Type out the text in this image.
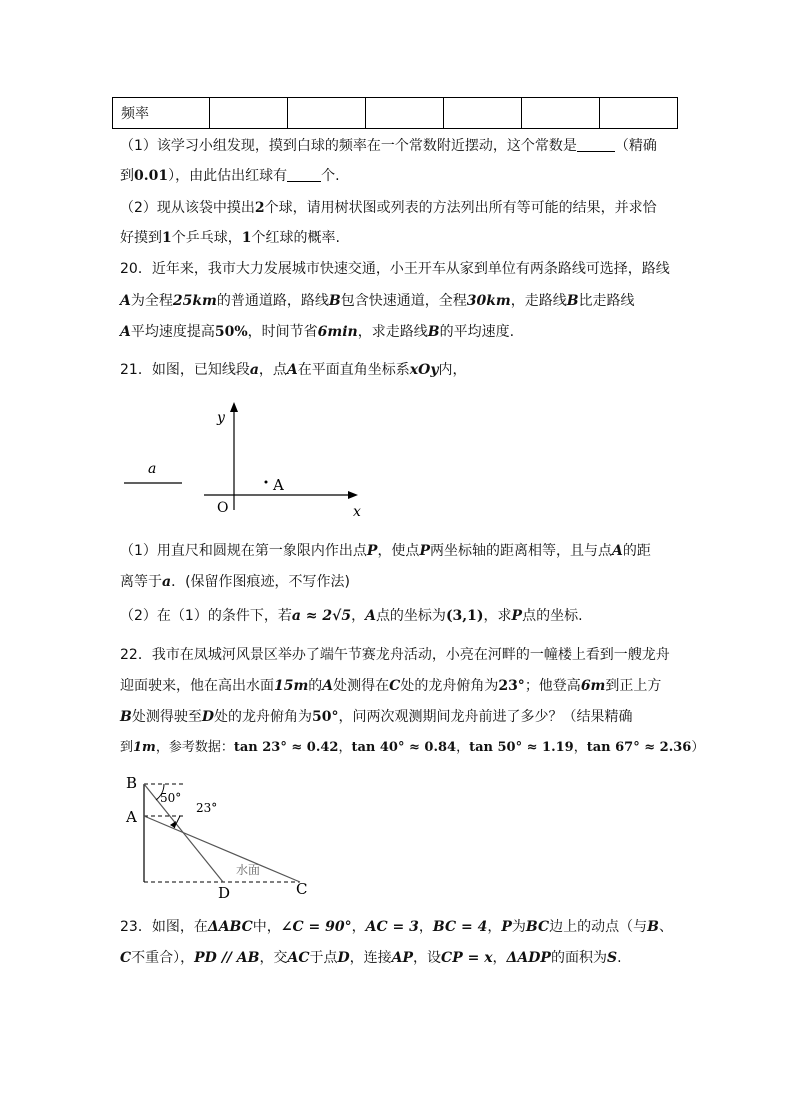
频率						
（1）该学习小组发现，摸到白球的频率在一个常数附近摆动，这个常数是	（精确
到0.01），由此估出红球有 个.
（2）现从该袋中摸出2个球，请用树状图或列表的方法列出所有等可能的结果，并求恰
好摸到1个乒乓球，1个红球的概率.
20．近年来，我市大力发展城市快速交通，小王开车从家到单位有两条路线可选择，路线
A为全程25km的普通道路，路线B包含快速通道，全程30km，走路线B比走路线
A平均速度提高50%，时间节省6min，求走路线B的平均速度.
21．如图，已知线段a，点A在平面直角坐标系xOy内，
a
y
x
O
A
（1）用直尺和圆规在第一象限内作出点P，使点P两坐标轴的距离相等，且与点A的距
离等于a．(保留作图痕迹，不写作法)
（2）在（1）的条件下，若a ≈ 2√5，A点的坐标为(3,1)，求P点的坐标.
22．我市在凤城河风景区举办了端午节赛龙舟活动，小亮在河畔的一幢楼上看到一艘龙舟
迎面驶来，他在高出水面15m的A处测得在C处的龙舟俯角为23°；他登高6m到正上方
B处测得驶至D处的龙舟俯角为50°，问两次观测期间龙舟前进了多少？（结果精确
到1m，参考数据：tan 23° ≈ 0.42，tan 40° ≈ 0.84，tan 50° ≈ 1.19，tan 67° ≈ 2.36）
B
A
D	C
50°
23°
水面
23．如图，在ΔABC中，∠C = 90°，AC = 3，BC = 4，P为BC边上的动点（与B、
C不重合），PD // AB，交AC于点D，连接AP，设CP = x，ΔADP的面积为S.
